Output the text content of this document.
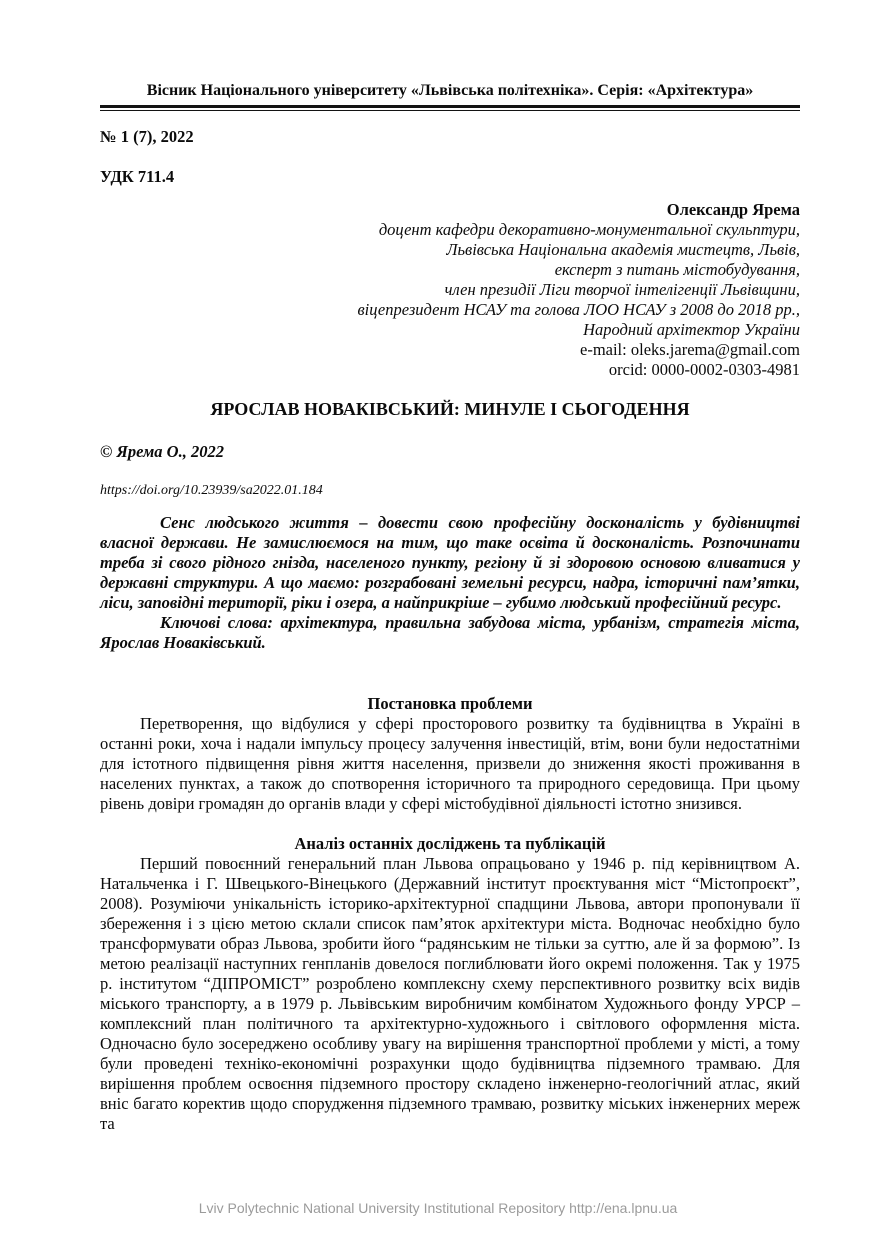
Вісник Національного університету «Львівська політехніка». Серія: «Архітектура»
№ 1 (7), 2022
УДК 711.4
Олександр Ярема
доцент кафедри декоративно-монументальної скульптури,
Львівська Національна академія мистецтв, Львів,
експерт з питань містобудування,
член президії Ліги творчої інтелігенції Львівщини,
віцепрезидент НСАУ та голова ЛОО НСАУ з 2008 до 2018 рр.,
Народний архітектор України
e-mail: oleks.jarema@gmail.com
orcid: 0000-0002-0303-4981
ЯРОСЛАВ НОВАКІВСЬКИЙ: МИНУЛЕ І СЬОГОДЕННЯ
© Ярема О., 2022
https://doi.org/10.23939/sa2022.01.184

Сенс людського життя – довести свою професійну досконалість у будівництві власної держави. Не замислюємося на тим, що таке освіта й досконалість. Розпочинати треба зі свого рідного гнізда, населеного пункту, регіону й зі здоровою основою вливатися у державні структури. А що маємо: розграбовані земельні ресурси, надра, історичні пам’ятки, ліси, заповідні території, ріки і озера, а найприкріше – губимо людський професійний ресурс.

Ключові слова: архітектура, правильна забудова міста, урбанізм, стратегія міста, Ярослав Новаківський.

Постановка проблеми

Перетворення, що відбулися у сфері просторового розвитку та будівництва в Україні в останні роки, хоча і надали імпульсу процесу залучення інвестицій, втім, вони були недостатніми для істотного підвищення рівня життя населення, призвели до зниження якості проживання в населених пунктах, а також до спотворення історичного та природного середовища. При цьому рівень довіри громадян до органів влади у сфері містобудівної діяльності істотно знизився.

Аналіз останніх досліджень та публікацій

Перший повоєнний генеральний план Львова опрацьовано у 1946 р. під керівництвом А. Натальченка і Г. Швецького-Вінецького (Державний інститут проєктування міст “Містопроєкт”, 2008). Розуміючи унікальність історико-архітектурної спадщини Львова, автори пропонували її збереження і з цією метою склали список пам’яток архітектури міста. Водночас необхідно було трансформувати образ Львова, зробити його “радянським не тільки за суттю, але й за формою”. Із метою реалізації наступних генпланів довелося поглиблювати його окремі положення. Так у 1975 р. інститутом “ДІПРОМІСТ” розроблено комплексну схему перспективного розвитку всіх видів міського транспорту, а в 1979 р. Львівським виробничим комбінатом Художнього фонду УРСР – комплексний план політичного та архітектурно-художнього і світлового оформлення міста. Одночасно було зосереджено особливу увагу на вирішення транспортної проблеми у місті, а тому були проведені техніко-економічні розрахунки щодо будівництва підземного трамваю. Для вирішення проблем освоєння підземного простору складено інженерно-геологічний атлас, який вніс багато коректив щодо спорудження підземного трамваю, розвитку міських інженерних мереж та

Lviv Polytechnic National University Institutional Repository http://ena.lpnu.ua
